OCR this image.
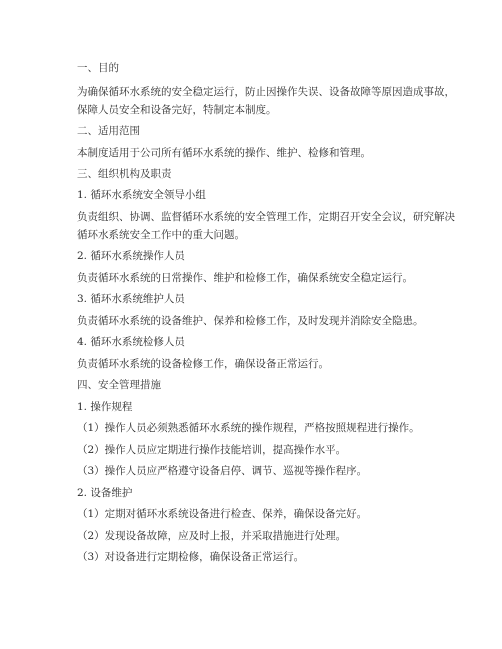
一、目的
为确保循环水系统的安全稳定运行，防止因操作失误、设备故障等原因造成事故，
保障人员安全和设备完好，特制定本制度。
二、适用范围
本制度适用于公司所有循环水系统的操作、维护、检修和管理。
三、组织机构及职责
1. 循环水系统安全领导小组
负责组织、协调、监督循环水系统的安全管理工作，定期召开安全会议，研究解决
循环水系统安全工作中的重大问题。
2. 循环水系统操作人员
负责循环水系统的日常操作、维护和检修工作，确保系统安全稳定运行。
3. 循环水系统维护人员
负责循环水系统的设备维护、保养和检修工作，及时发现并消除安全隐患。
4. 循环水系统检修人员
负责循环水系统的设备检修工作，确保设备正常运行。
四、安全管理措施
1. 操作规程
（1）操作人员必须熟悉循环水系统的操作规程，严格按照规程进行操作。
（2）操作人员应定期进行操作技能培训，提高操作水平。
（3）操作人员应严格遵守设备启停、调节、巡视等操作程序。
2. 设备维护
（1）定期对循环水系统设备进行检查、保养，确保设备完好。
（2）发现设备故障，应及时上报，并采取措施进行处理。
（3）对设备进行定期检修，确保设备正常运行。
